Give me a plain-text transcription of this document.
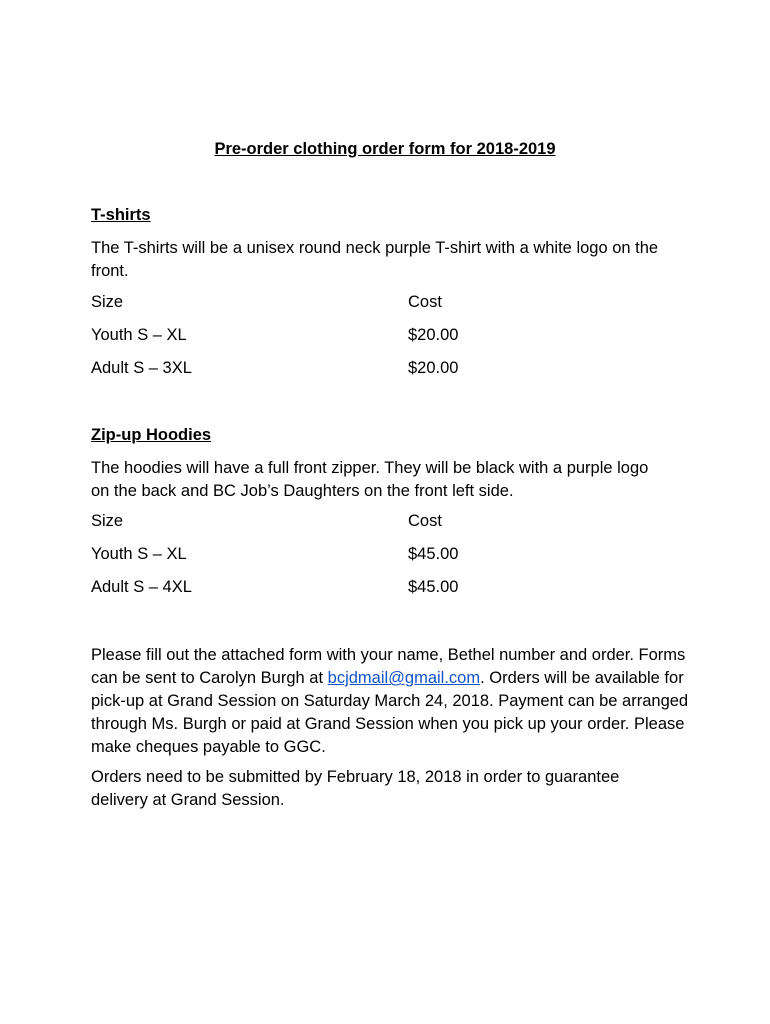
Pre-order clothing order form for 2018-2019
T-shirts
The T-shirts will be a unisex round neck purple T-shirt with a white logo on the front.
Size	Cost
Youth S – XL	$20.00
Adult S – 3XL	$20.00
Zip-up Hoodies
The hoodies will have a full front zipper. They will be black with a purple logo on the back and BC Job’s Daughters on the front left side.
Size	Cost
Youth S – XL	$45.00
Adult S – 4XL	$45.00
Please fill out the attached form with your name, Bethel number and order. Forms can be sent to Carolyn Burgh at bcjdmail@gmail.com. Orders will be available for pick-up at Grand Session on Saturday March 24, 2018. Payment can be arranged through Ms. Burgh or paid at Grand Session when you pick up your order. Please make cheques payable to GGC.
Orders need to be submitted by February 18, 2018 in order to guarantee delivery at Grand Session.
